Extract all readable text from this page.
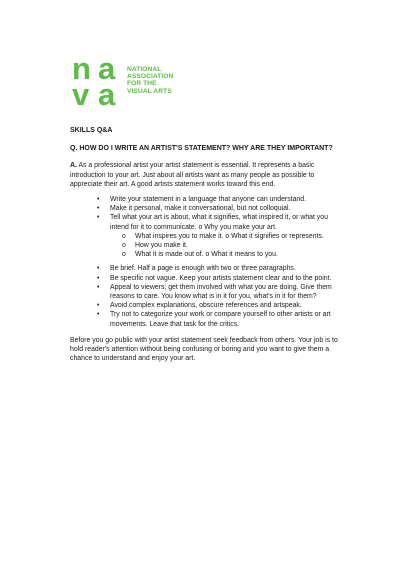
n a
v a
NATIONAL
ASSOCIATION
FOR THE
VISUAL ARTS
SKILLS Q&A
Q. HOW DO I WRITE AN ARTIST'S STATEMENT? WHY ARE THEY IMPORTANT?

A. As a professional artist your artist statement is essential. It represents a basic introduction to your art. Just about all artists want as many people as possible to appreciate their art. A good artists statement works toward this end.

• Write your statement in a language that anyone can understand.
• Make it personal, make it conversational, but not colloquial.
• Tell what your art is about, what it signifies, what inspired it, or what you intend for it to communicate. o Why you make your art.
o What inspires you to make it. o What it signifies or represents.
o How you make it.
o What it is made out of. o What it means to you.
• Be brief. Half a page is enough with two or three paragraphs.
• Be specific not vague. Keep your artists statement clear and to the point.
• Appeal to viewers; get them involved with what you are doing. Give them reasons to care. You know what is in it for you, what's in it for them?
• Avoid complex explanations, obscure references and artspeak.
• Try not to categorize your work or compare yourself to other artists or art movements. Leave that task for the critics.

Before you go public with your artist statement seek feedback from others. Your job is to hold reader's attention without being confusing or boring and you want to give them a chance to understand and enjoy your art.
